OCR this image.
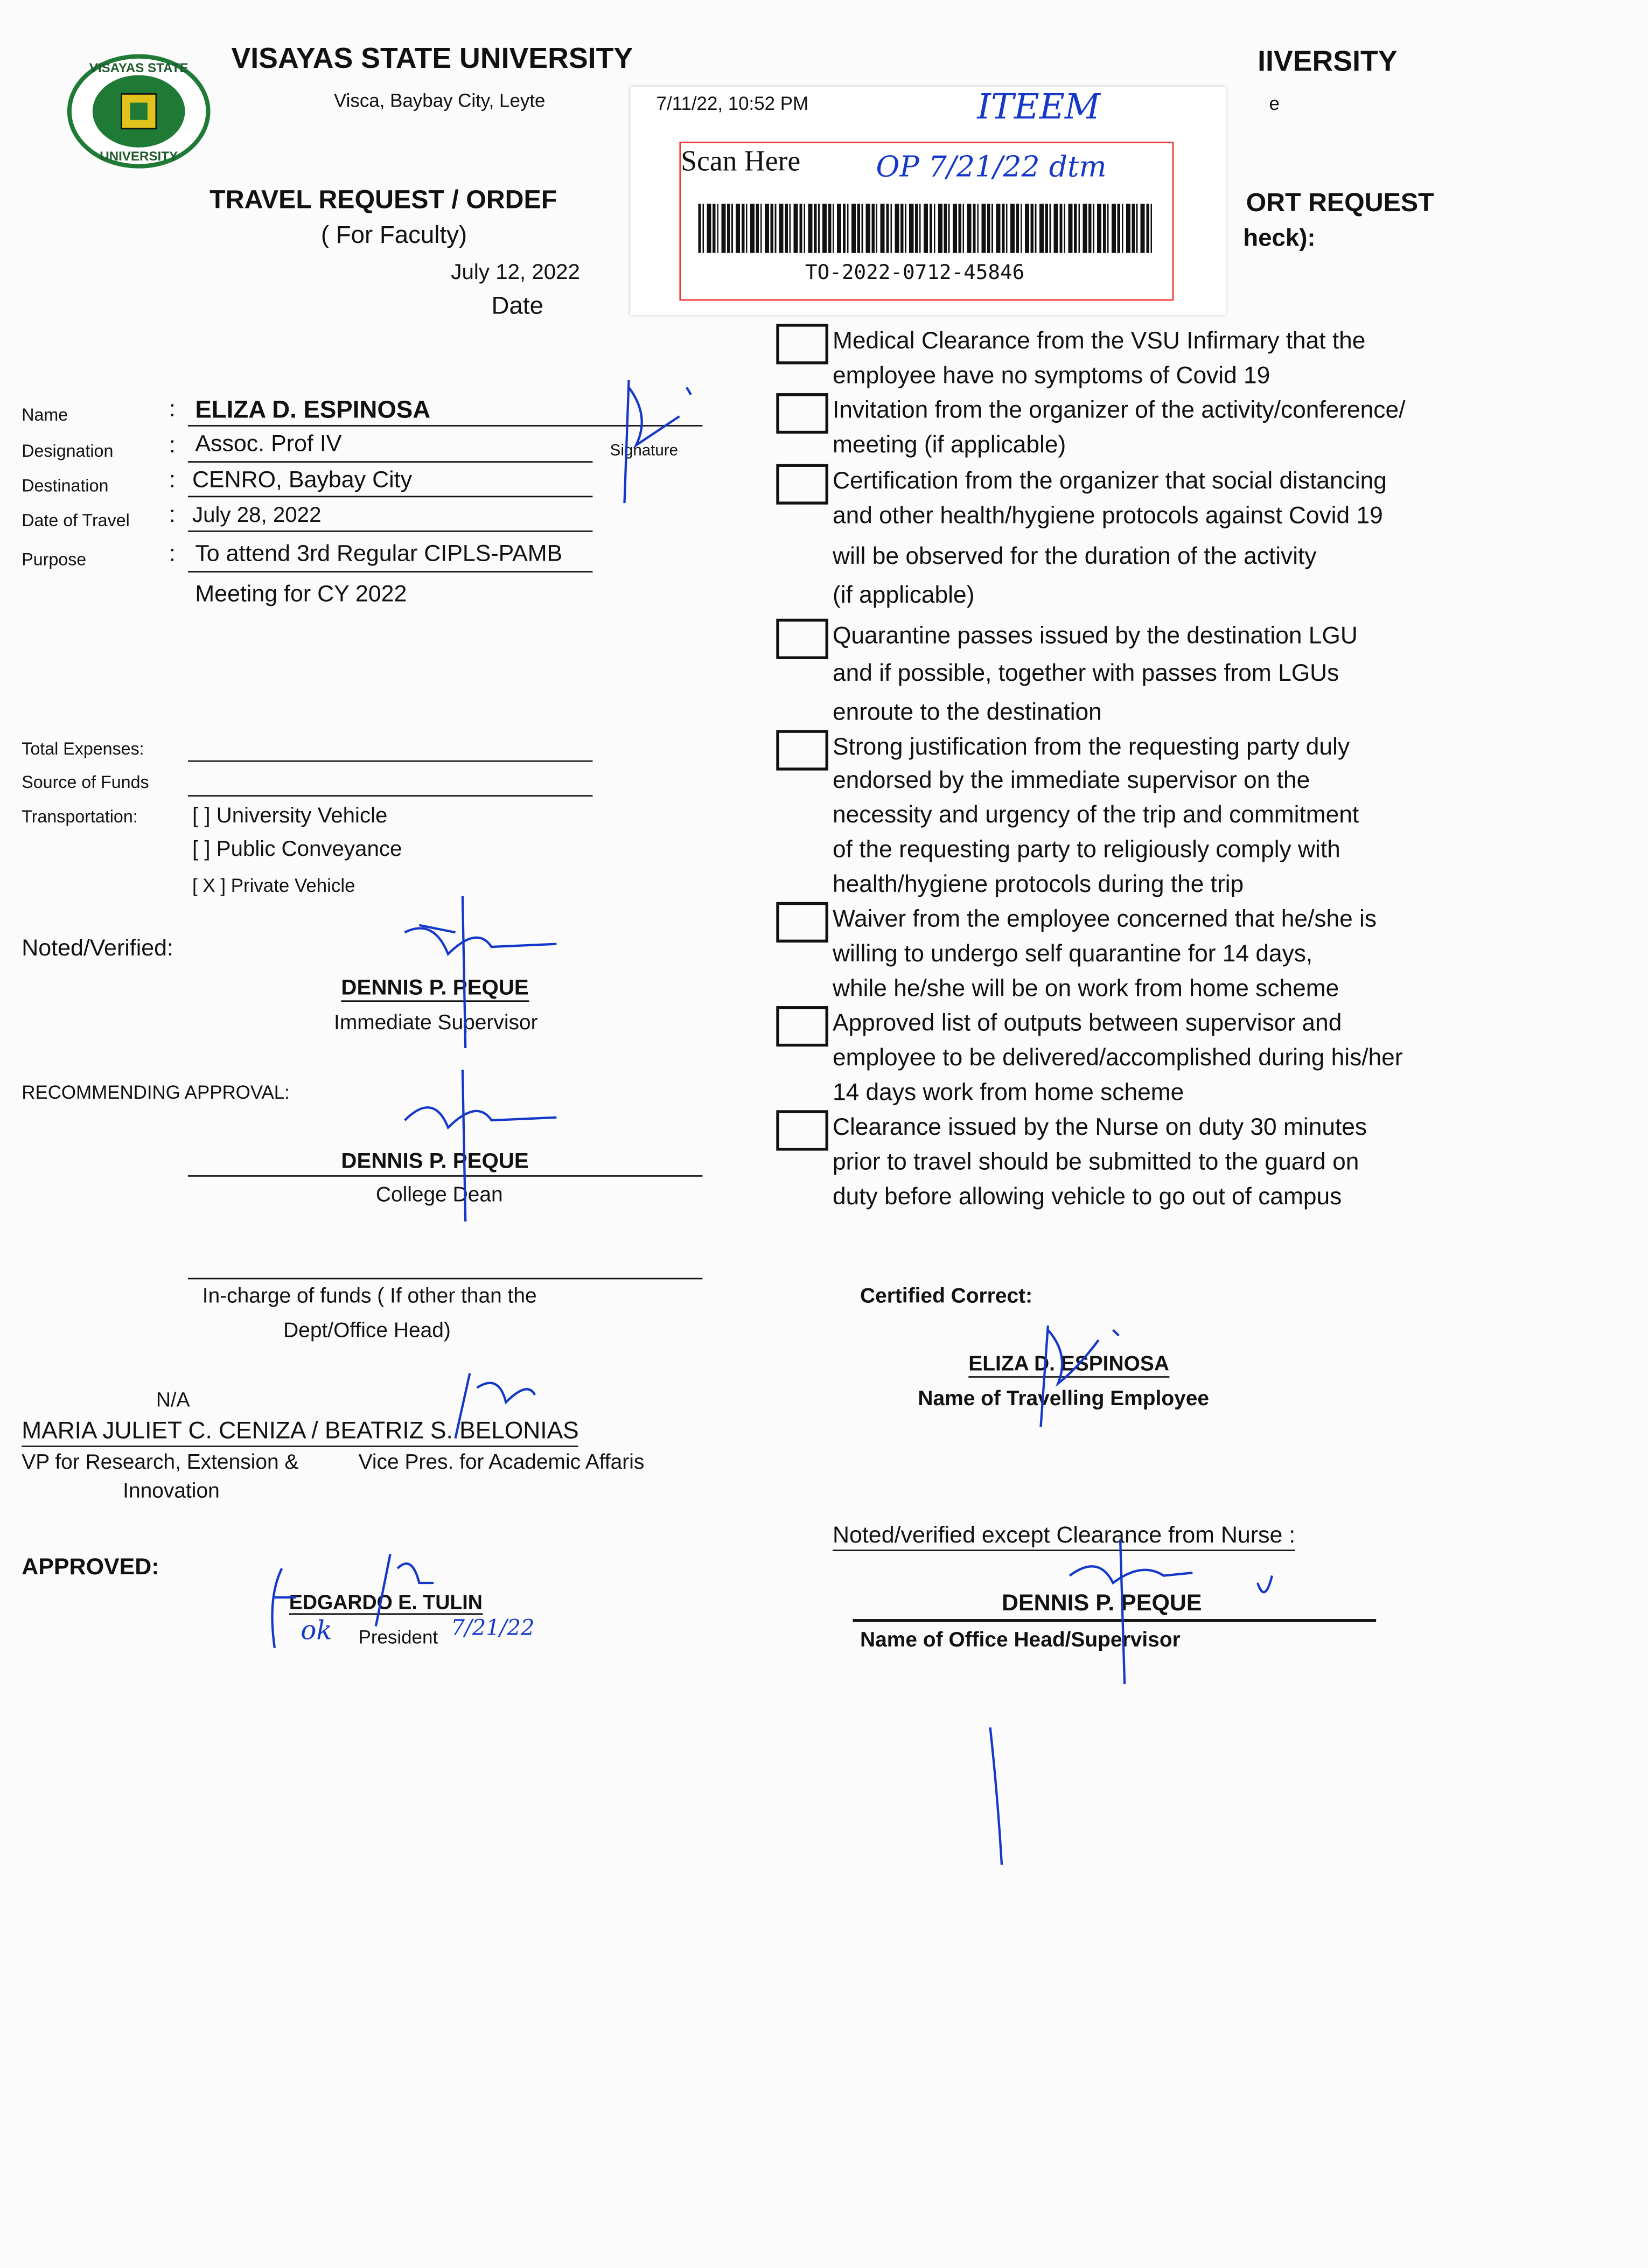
VISAYAS STATE
UNIVERSITY
7/11/22, 10:52 PM	ITEEM
Scan Here	OP 7/21/22 dtm
TO-2022-0712-45846
VISAYAS STATE UNIVERSITY	IIVERSITY
Visca, Baybay City, Leyte	e
TRAVEL REQUEST / ORDEF	ORT REQUEST
( For Faculty)	heck):
July 12, 2022
Date
Name	: ELIZA D. ESPINOSA
Designation	: Assoc. Prof IV	Signature
Destination	: CENRO, Baybay City
Date of Travel	: July 28, 2022
Purpose	: To attend 3rd Regular CIPLS-PAMB
Meeting for CY 2022
Total Expenses:
Source of Funds
Transportation:	[ ] University Vehicle
[ ] Public Conveyance
[ X ] Private Vehicle
Noted/Verified:
DENNIS P. PEQUE
Immediate Supervisor
RECOMMENDING APPROVAL:
DENNIS P. PEQUE
College Dean
In-charge of funds ( If other than the
Dept/Office Head)
N/A
MARIA JULIET C. CENIZA / BEATRIZ S. BELONIAS
VP for Research, Extension &
Innovation
Vice Pres. for Academic Affaris
APPROVED:
EDGARDO E. TULIN
President
ok	7/21/22
Medical Clearance from the VSU Infirmary that the
employee have no symptoms of Covid 19
Invitation from the organizer of the activity/conference/
meeting (if applicable)
Certification from the organizer that social distancing
and other health/hygiene protocols against Covid 19
will be observed for the duration of the activity
(if applicable)
Quarantine passes issued by the destination LGU
and if possible, together with passes from LGUs
enroute to the destination
Strong justification from the requesting party duly
endorsed by the immediate supervisor on the
necessity and urgency of the trip and commitment
of the requesting party to religiously comply with
health/hygiene protocols during the trip
Waiver from the employee concerned that he/she is
willing to undergo self quarantine for 14 days,
while he/she will be on work from home scheme
Approved list of outputs between supervisor and
employee to be delivered/accomplished during his/her
14 days work from home scheme
Clearance issued by the Nurse on duty 30 minutes
prior to travel should be submitted to the guard on
duty before allowing vehicle to go out of campus
Certified Correct:
ELIZA D. ESPINOSA
Name of Travelling Employee
Noted/verified except Clearance from Nurse :
DENNIS P. PEQUE
Name of Office Head/Supervisor
